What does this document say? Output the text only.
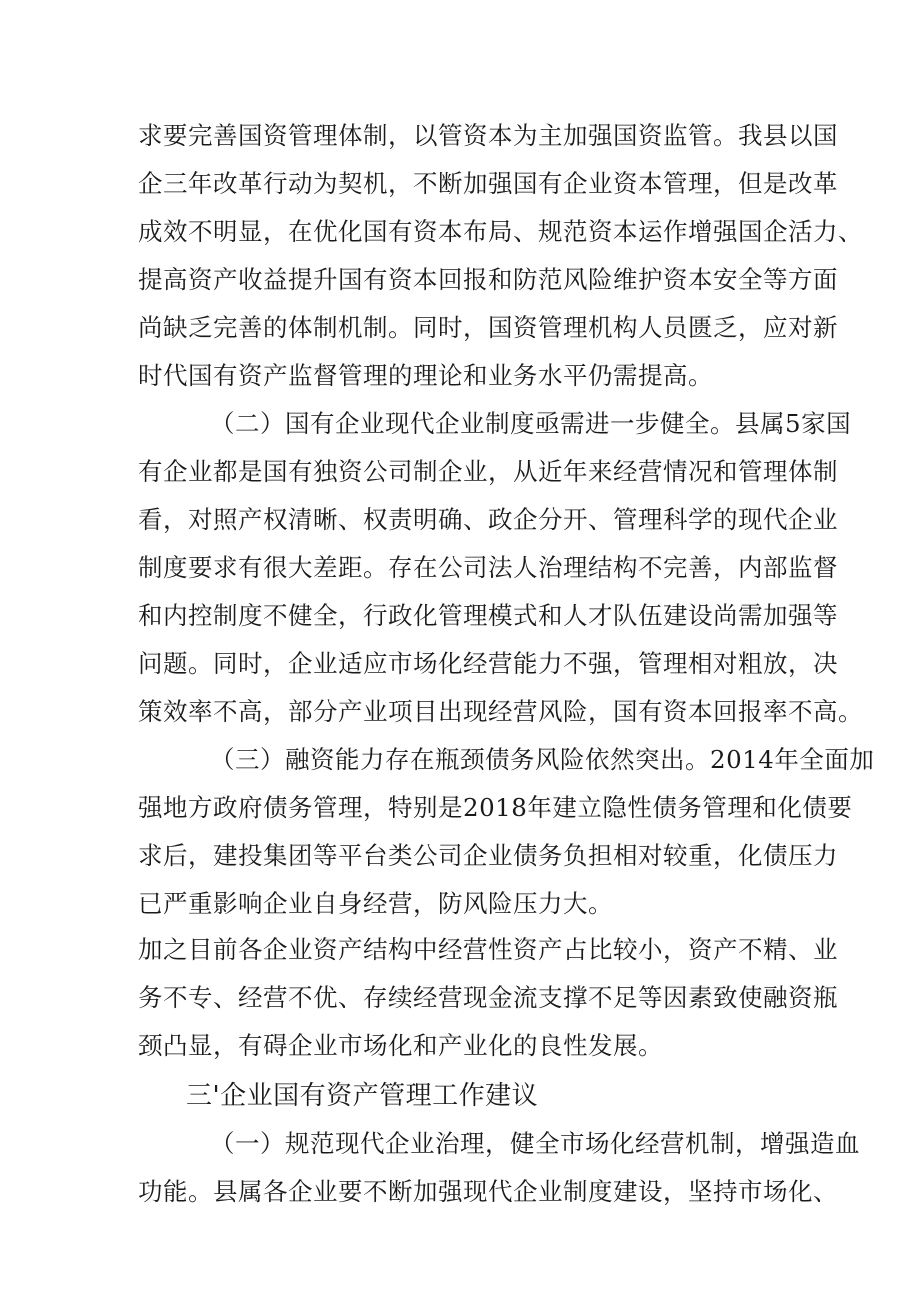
求要完善国资管理体制，以管资本为主加强国资监管。我县以国
企三年改革行动为契机，不断加强国有企业资本管理，但是改革
成效不明显，在优化国有资本布局、规范资本运作增强国企活力、
提高资产收益提升国有资本回报和防范风险维护资本安全等方面
尚缺乏完善的体制机制。同时，国资管理机构人员匮乏，应对新
时代国有资产监督管理的理论和业务水平仍需提高。
（二）国有企业现代企业制度亟需进一步健全。县属5家国
有企业都是国有独资公司制企业，从近年来经营情况和管理体制
看，对照产权清晰、权责明确、政企分开、管理科学的现代企业
制度要求有很大差距。存在公司法人治理结构不完善，内部监督
和内控制度不健全，行政化管理模式和人才队伍建设尚需加强等
问题。同时，企业适应市场化经营能力不强，管理相对粗放，决
策效率不高，部分产业项目出现经营风险，国有资本回报率不高。
（三）融资能力存在瓶颈债务风险依然突出。2014年全面加
强地方政府债务管理，特别是2018年建立隐性债务管理和化债要
求后，建投集团等平台类公司企业债务负担相对较重，化债压力
已严重影响企业自身经营，防风险压力大。
加之目前各企业资产结构中经营性资产占比较小，资产不精、业
务不专、经营不优、存续经营现金流支撑不足等因素致使融资瓶
颈凸显，有碍企业市场化和产业化的良性发展。
三'企业国有资产管理工作建议
（一）规范现代企业治理，健全市场化经营机制，增强造血
功能。县属各企业要不断加强现代企业制度建设，坚持市场化、
